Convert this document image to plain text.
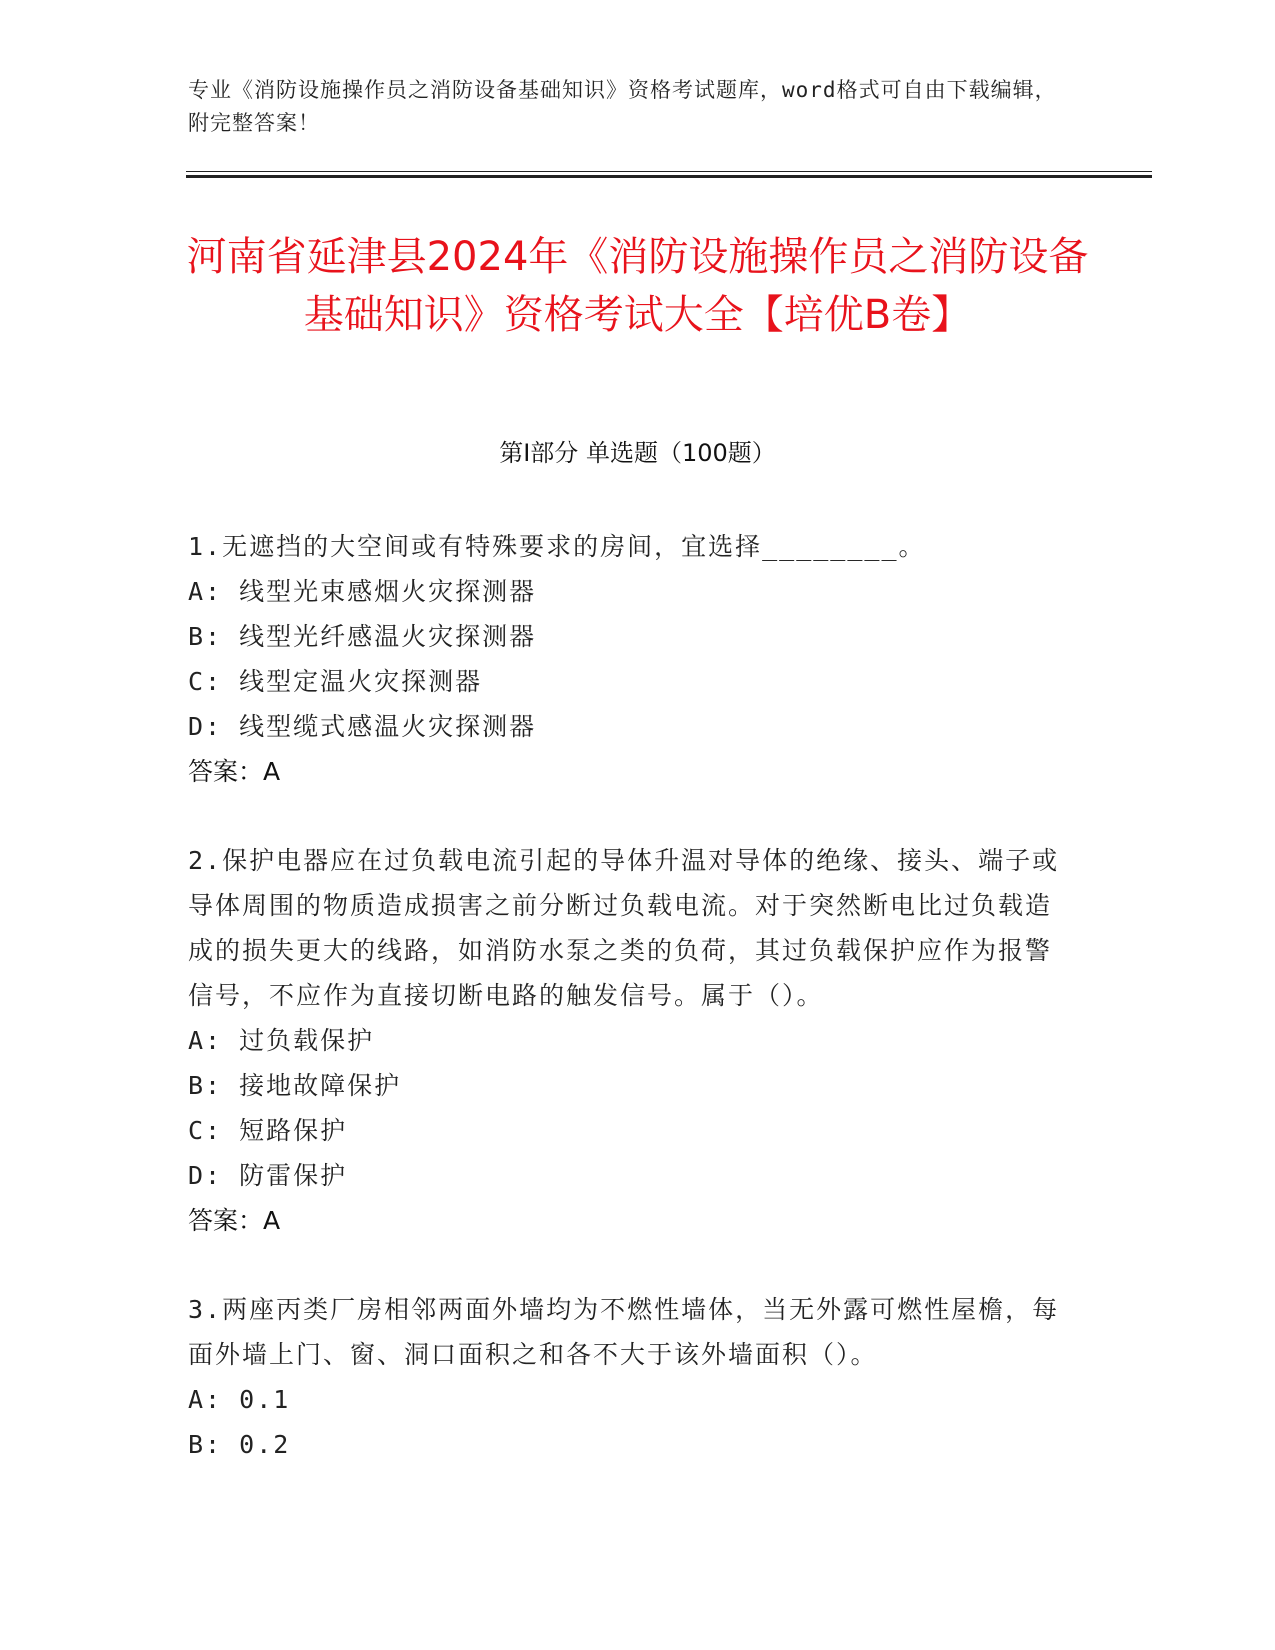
专业《消防设施操作员之消防设备基础知识》资格考试题库，word格式可自由下载编辑，附完整答案！
河南省延津县2024年《消防设施操作员之消防设备基础知识》资格考试大全【培优B卷】
第I部分 单选题（100题）
1.无遮挡的大空间或有特殊要求的房间，宜选择________。
A: 线型光束感烟火灾探测器
B: 线型光纤感温火灾探测器
C: 线型定温火灾探测器
D: 线型缆式感温火灾探测器
答案：A
2.保护电器应在过负载电流引起的导体升温对导体的绝缘、接头、端子或导体周围的物质造成损害之前分断过负载电流。对于突然断电比过负载造成的损失更大的线路，如消防水泵之类的负荷，其过负载保护应作为报警信号，不应作为直接切断电路的触发信号。属于（）。
A: 过负载保护
B: 接地故障保护
C: 短路保护
D: 防雷保护
答案：A
3.两座丙类厂房相邻两面外墙均为不燃性墙体，当无外露可燃性屋檐，每面外墙上门、窗、洞口面积之和各不大于该外墙面积（）。
A: 0.1
B: 0.2
